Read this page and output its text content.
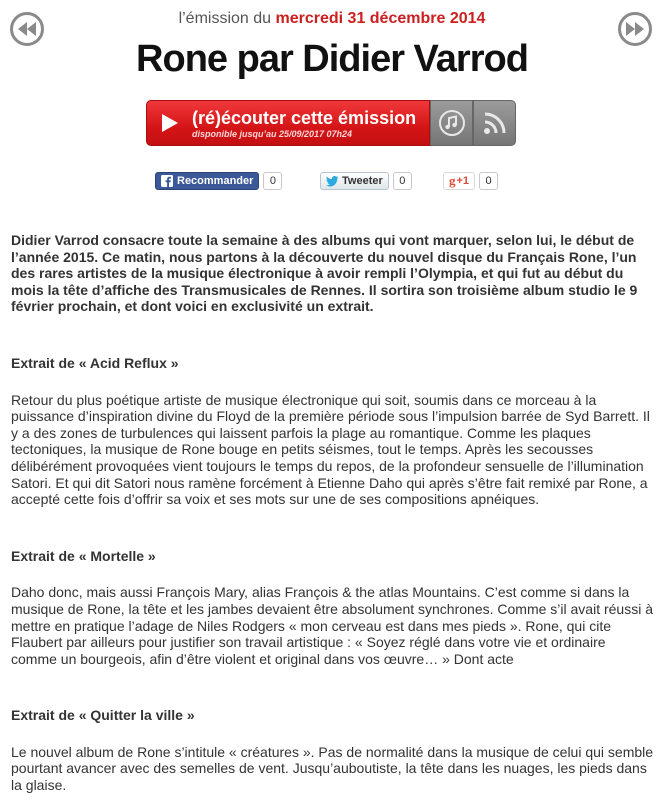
l’émission du mercredi 31 décembre 2014
Rone par Didier Varrod
(ré)écouter cette émission
disponible jusqu’au 25/09/2017 07h24
Recommander	0	Tweeter	0	g +1	0

Didier Varrod consacre toute la semaine à des albums qui vont marquer, selon lui, le début de l’année 2015. Ce matin, nous partons à la découverte du nouvel disque du Français Rone, l’un des rares artistes de la musique électronique à avoir rempli l’Olympia, et qui fut au début du mois la tête d’affiche des Transmusicales de Rennes. Il sortira son troisième album studio le 9 février prochain, et dont voici en exclusivité un extrait.

Extrait de « Acid Reflux »

Retour du plus poétique artiste de musique électronique qui soit, soumis dans ce morceau à la puissance d’inspiration divine du Floyd de la première période sous l’impulsion barrée de Syd Barrett. Il y a des zones de turbulences qui laissent parfois la plage au romantique. Comme les plaques tectoniques, la musique de Rone bouge en petits séismes, tout le temps. Après les secousses délibérément provoquées vient toujours le temps du repos, de la profondeur sensuelle de l’illumination Satori. Et qui dit Satori nous ramène forcément à Etienne Daho qui après s’être fait remixé par Rone, a accepté cette fois d’offrir sa voix et ses mots sur une de ses compositions apnéiques.

Extrait de « Mortelle »

Daho donc, mais aussi François Mary, alias François & the atlas Mountains. C’est comme si dans la musique de Rone, la tête et les jambes devaient être absolument synchrones. Comme s’il avait réussi à mettre en pratique l’adage de Niles Rodgers « mon cerveau est dans mes pieds ». Rone, qui cite Flaubert par ailleurs pour justifier son travail artistique : « Soyez réglé dans votre vie et ordinaire comme un bourgeois, afin d’être violent et original dans vos œuvre… » Dont acte

Extrait de « Quitter la ville »

Le nouvel album de Rone s’intitule « créatures ». Pas de normalité dans la musique de celui qui semble pourtant avancer avec des semelles de vent. Jusqu’auboutiste, la tête dans les nuages, les pieds dans la glaise.
